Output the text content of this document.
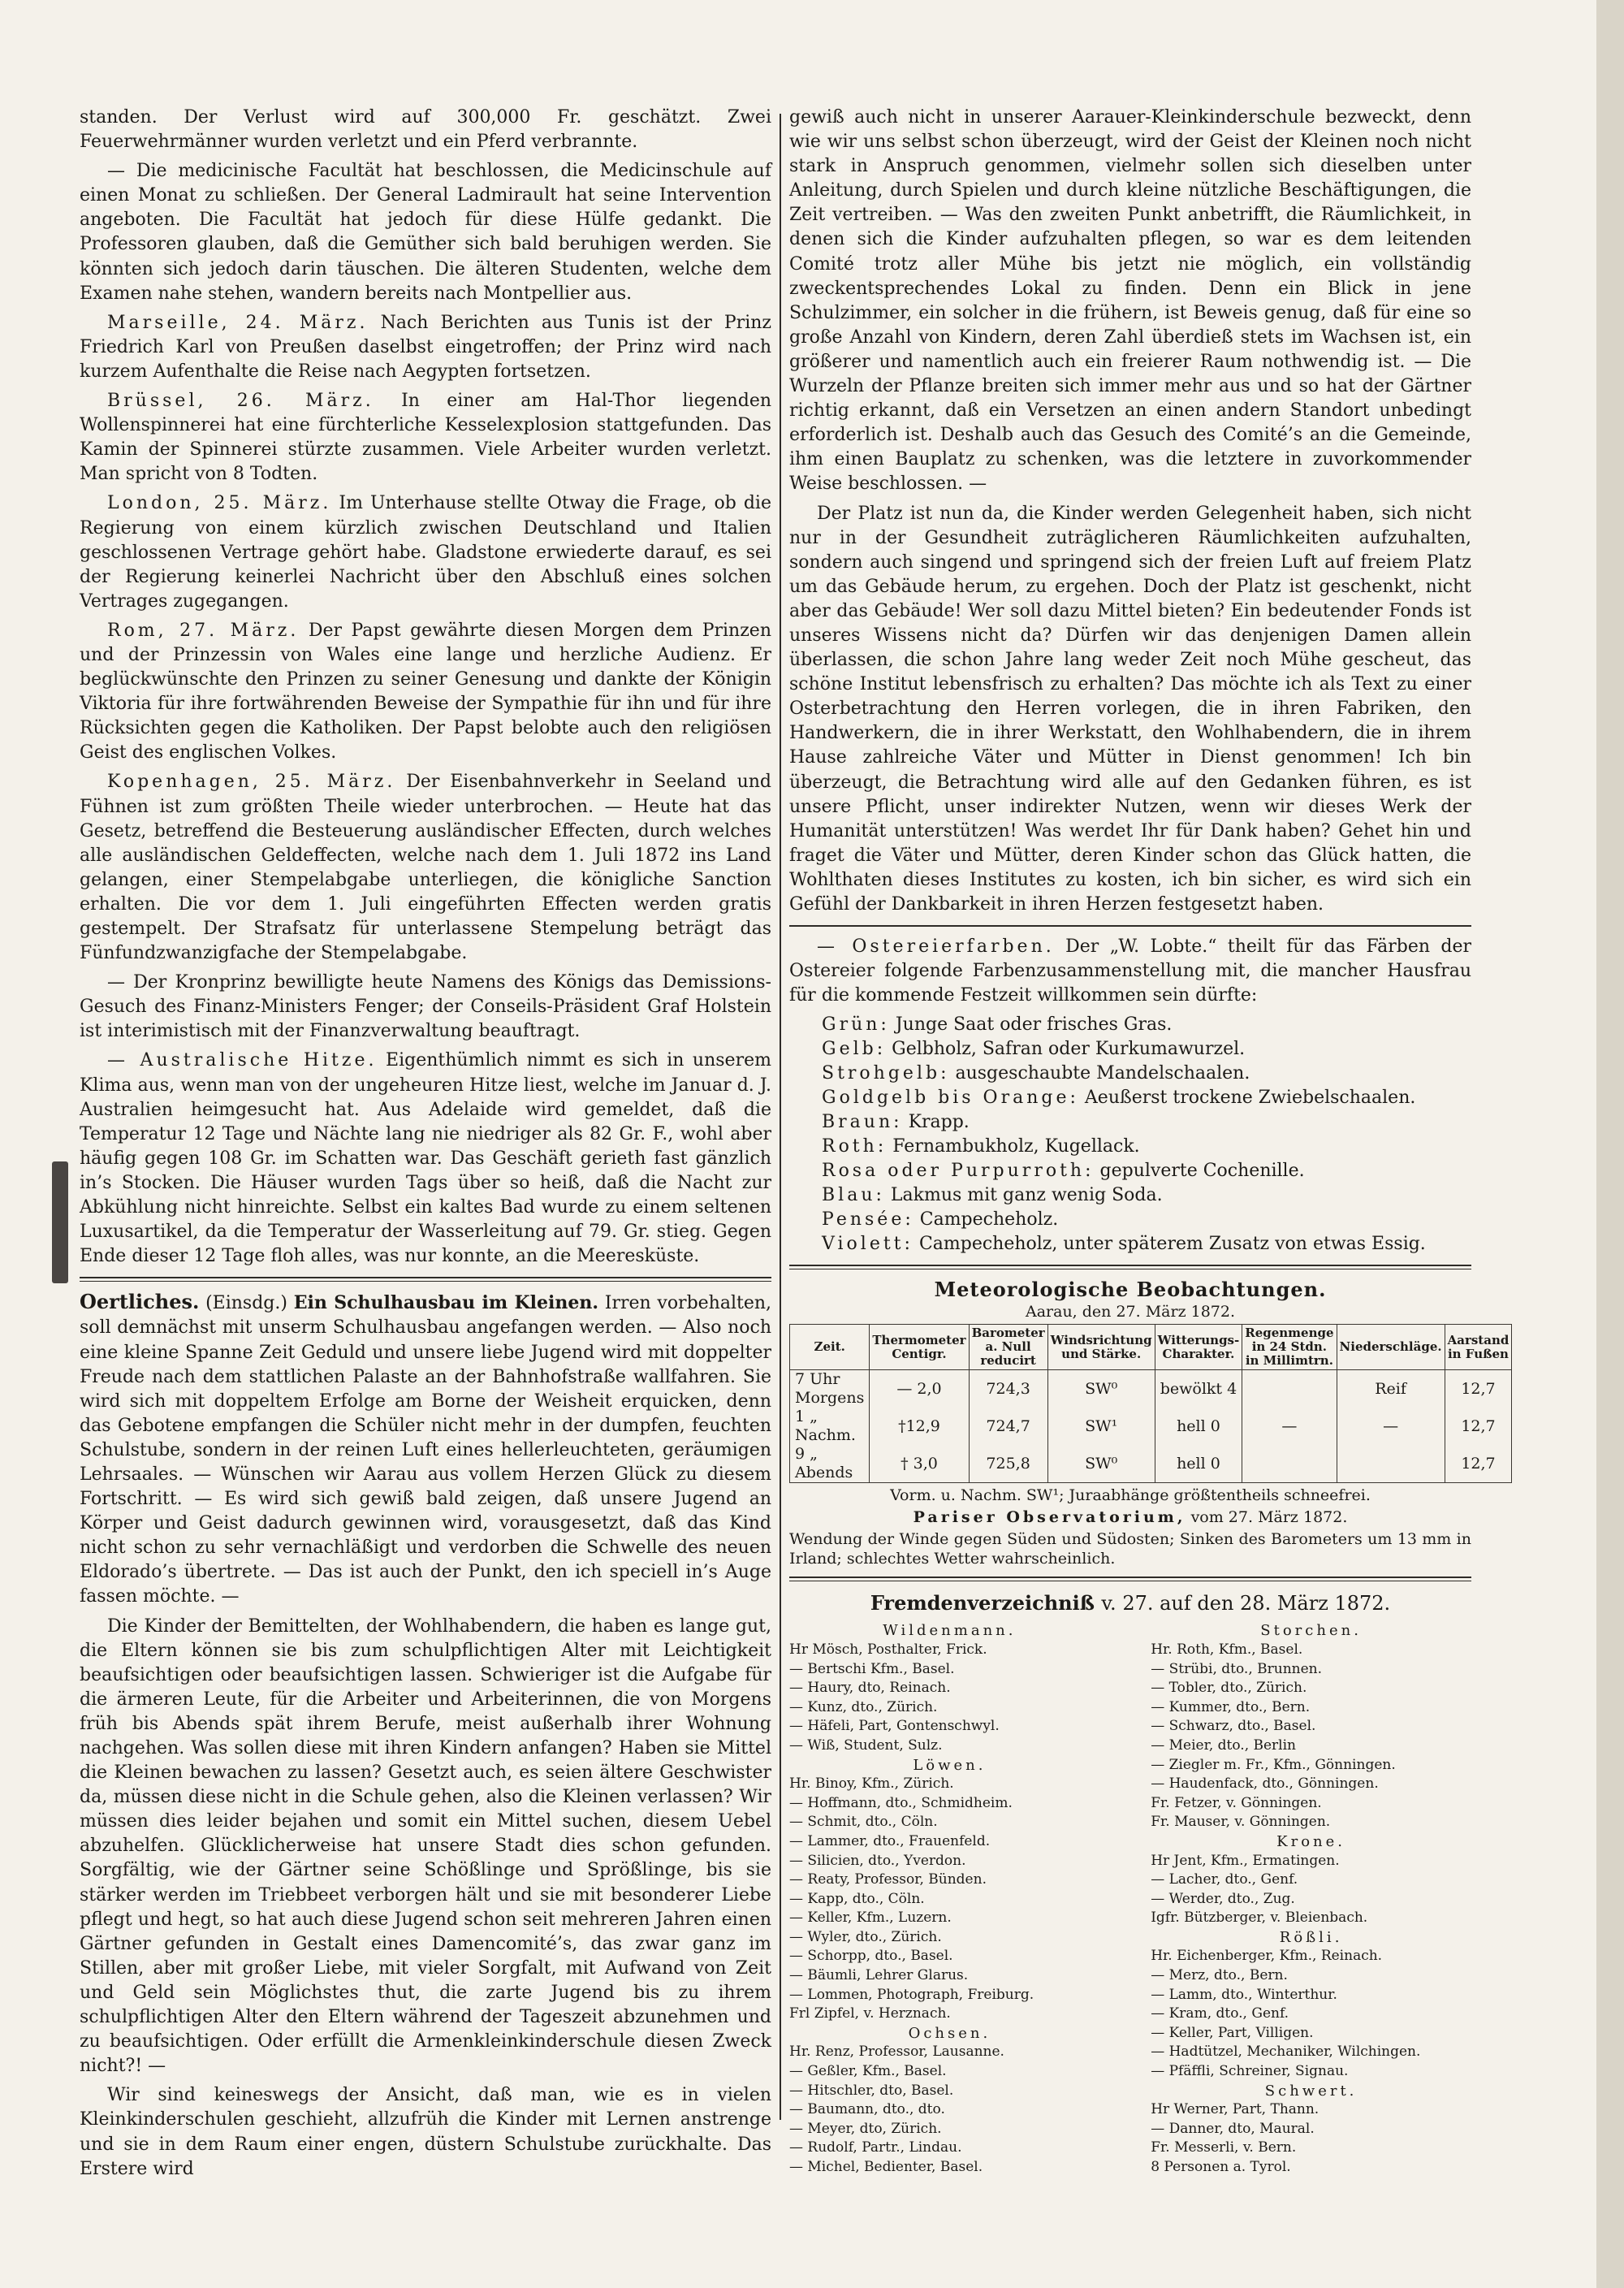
standen. Der Verlust wird auf 300,000 Fr. geschätzt. Zwei Feuerwehrmänner wurden verletzt und ein Pferd verbrannte.

— Die medicinische Facultät hat beschlossen, die Medicinschule auf einen Monat zu schließen. Der General Ladmirault hat seine Intervention angeboten. Die Facultät hat jedoch für diese Hülfe gedankt. Die Professoren glauben, daß die Gemüther sich bald beruhigen werden. Sie könnten sich jedoch darin täuschen. Die älteren Studenten, welche dem Examen nahe stehen, wandern bereits nach Montpellier aus.

Marseille, 24. März. Nach Berichten aus Tunis ist der Prinz Friedrich Karl von Preußen daselbst eingetroffen; der Prinz wird nach kurzem Aufenthalte die Reise nach Aegypten fortsetzen.

Brüssel, 26. März. In einer am Hal-Thor liegenden Wollenspinnerei hat eine fürchterliche Kesselexplosion stattgefunden. Das Kamin der Spinnerei stürzte zusammen. Viele Arbeiter wurden verletzt. Man spricht von 8 Todten.

London, 25. März. Im Unterhause stellte Otway die Frage, ob die Regierung von einem kürzlich zwischen Deutschland und Italien geschlossenen Vertrage gehört habe. Gladstone erwiederte darauf, es sei der Regierung keinerlei Nachricht über den Abschluß eines solchen Vertrages zugegangen.

Rom, 27. März. Der Papst gewährte diesen Morgen dem Prinzen und der Prinzessin von Wales eine lange und herzliche Audienz. Er beglückwünschte den Prinzen zu seiner Genesung und dankte der Königin Viktoria für ihre fortwährenden Beweise der Sympathie für ihn und für ihre Rücksichten gegen die Katholiken. Der Papst belobte auch den religiösen Geist des englischen Volkes.

Kopenhagen, 25. März. Der Eisenbahnverkehr in Seeland und Fühnen ist zum größten Theile wieder unterbrochen. — Heute hat das Gesetz, betreffend die Besteuerung ausländischer Effecten, durch welches alle ausländischen Geldeffecten, welche nach dem 1. Juli 1872 ins Land gelangen, einer Stempelabgabe unterliegen, die königliche Sanction erhalten. Die vor dem 1. Juli eingeführten Effecten werden gratis gestempelt. Der Strafsatz für unterlassene Stempelung beträgt das Fünfundzwanzigfache der Stempelabgabe.

— Der Kronprinz bewilligte heute Namens des Königs das Demissions-Gesuch des Finanz-Ministers Fenger; der Conseils-Präsident Graf Holstein ist interimistisch mit der Finanzverwaltung beauftragt.

— Australische Hitze. Eigenthümlich nimmt es sich in unserem Klima aus, wenn man von der ungeheuren Hitze liest, welche im Januar d. J. Australien heimgesucht hat. Aus Adelaide wird gemeldet, daß die Temperatur 12 Tage und Nächte lang nie niedriger als 82 Gr. F., wohl aber häufig gegen 108 Gr. im Schatten war. Das Geschäft gerieth fast gänzlich in’s Stocken. Die Häuser wurden Tags über so heiß, daß die Nacht zur Abkühlung nicht hinreichte. Selbst ein kaltes Bad wurde zu einem seltenen Luxusartikel, da die Temperatur der Wasserleitung auf 79. Gr. stieg. Gegen Ende dieser 12 Tage floh alles, was nur konnte, an die Meeresküste.

Oertliches. (Einsdg.) Ein Schulhausbau im Kleinen. Irren vorbehalten, soll demnächst mit unserm Schulhausbau angefangen werden. — Also noch eine kleine Spanne Zeit Geduld und unsere liebe Jugend wird mit doppelter Freude nach dem stattlichen Palaste an der Bahnhofstraße wallfahren. Sie wird sich mit doppeltem Erfolge am Borne der Weisheit erquicken, denn das Gebotene empfangen die Schüler nicht mehr in der dumpfen, feuchten Schulstube, sondern in der reinen Luft eines hellerleuchteten, geräumigen Lehrsaales. — Wünschen wir Aarau aus vollem Herzen Glück zu diesem Fortschritt. — Es wird sich gewiß bald zeigen, daß unsere Jugend an Körper und Geist dadurch gewinnen wird, vorausgesetzt, daß das Kind nicht schon zu sehr vernachläßigt und verdorben die Schwelle des neuen Eldorado’s übertrete. — Das ist auch der Punkt, den ich speciell in’s Auge fassen möchte. —

Die Kinder der Bemittelten, der Wohlhabendern, die haben es lange gut, die Eltern können sie bis zum schulpflichtigen Alter mit Leichtigkeit beaufsichtigen oder beaufsichtigen lassen. Schwieriger ist die Aufgabe für die ärmeren Leute, für die Arbeiter und Arbeiterinnen, die von Morgens früh bis Abends spät ihrem Berufe, meist außerhalb ihrer Wohnung nachgehen. Was sollen diese mit ihren Kindern anfangen? Haben sie Mittel die Kleinen bewachen zu lassen? Gesetzt auch, es seien ältere Geschwister da, müssen diese nicht in die Schule gehen, also die Kleinen verlassen? Wir müssen dies leider bejahen und somit ein Mittel suchen, diesem Uebel abzuhelfen. Glücklicherweise hat unsere Stadt dies schon gefunden. Sorgfältig, wie der Gärtner seine Schößlinge und Sprößlinge, bis sie stärker werden im Triebbeet verborgen hält und sie mit besonderer Liebe pflegt und hegt, so hat auch diese Jugend schon seit mehreren Jahren einen Gärtner gefunden in Gestalt eines Damencomité’s, das zwar ganz im Stillen, aber mit großer Liebe, mit vieler Sorgfalt, mit Aufwand von Zeit und Geld sein Möglichstes thut, die zarte Jugend bis zu ihrem schulpflichtigen Alter den Eltern während der Tageszeit abzunehmen und zu beaufsichtigen. Oder erfüllt die Armenkleinkinderschule diesen Zweck nicht?! —

Wir sind keineswegs der Ansicht, daß man, wie es in vielen Kleinkinderschulen geschieht, allzufrüh die Kinder mit Lernen anstrenge und sie in dem Raum einer engen, düstern Schulstube zurückhalte. Das Erstere wird

gewiß auch nicht in unserer Aarauer-Kleinkinderschule bezweckt, denn wie wir uns selbst schon überzeugt, wird der Geist der Kleinen noch nicht stark in Anspruch genommen, vielmehr sollen sich dieselben unter Anleitung, durch Spielen und durch kleine nützliche Beschäftigungen, die Zeit vertreiben. — Was den zweiten Punkt anbetrifft, die Räumlichkeit, in denen sich die Kinder aufzuhalten pflegen, so war es dem leitenden Comité trotz aller Mühe bis jetzt nie möglich, ein vollständig zweckentsprechendes Lokal zu finden. Denn ein Blick in jene Schulzimmer, ein solcher in die frühern, ist Beweis genug, daß für eine so große Anzahl von Kindern, deren Zahl überdieß stets im Wachsen ist, ein größerer und namentlich auch ein freierer Raum nothwendig ist. — Die Wurzeln der Pflanze breiten sich immer mehr aus und so hat der Gärtner richtig erkannt, daß ein Versetzen an einen andern Standort unbedingt erforderlich ist. Deshalb auch das Gesuch des Comité’s an die Gemeinde, ihm einen Bauplatz zu schenken, was die letztere in zuvorkommender Weise beschlossen. —

Der Platz ist nun da, die Kinder werden Gelegenheit haben, sich nicht nur in der Gesundheit zuträglicheren Räumlichkeiten aufzuhalten, sondern auch singend und springend sich der freien Luft auf freiem Platz um das Gebäude herum, zu ergehen. Doch der Platz ist geschenkt, nicht aber das Gebäude! Wer soll dazu Mittel bieten? Ein bedeutender Fonds ist unseres Wissens nicht da? Dürfen wir das denjenigen Damen allein überlassen, die schon Jahre lang weder Zeit noch Mühe gescheut, das schöne Institut lebensfrisch zu erhalten? Das möchte ich als Text zu einer Osterbetrachtung den Herren vorlegen, die in ihren Fabriken, den Handwerkern, die in ihrer Werkstatt, den Wohlhabendern, die in ihrem Hause zahlreiche Väter und Mütter in Dienst genommen! Ich bin überzeugt, die Betrachtung wird alle auf den Gedanken führen, es ist unsere Pflicht, unser indirekter Nutzen, wenn wir dieses Werk der Humanität unterstützen! Was werdet Ihr für Dank haben? Gehet hin und fraget die Väter und Mütter, deren Kinder schon das Glück hatten, die Wohlthaten dieses Institutes zu kosten, ich bin sicher, es wird sich ein Gefühl der Dankbarkeit in ihren Herzen festgesetzt haben.

— Ostereierfarben. Der „W. Lobte.“ theilt für das Färben der Ostereier folgende Farbenzusammenstellung mit, die mancher Hausfrau für die kommende Festzeit willkommen sein dürfte:

Grün: Junge Saat oder frisches Gras.

Gelb: Gelbholz, Safran oder Kurkumawurzel.

Strohgelb: ausgeschaubte Mandelschaalen.

Goldgelb bis Orange: Aeußerst trockene Zwiebelschaalen.

Braun: Krapp.

Roth: Fernambukholz, Kugellack.

Rosa oder Purpurroth: gepulverte Cochenille.

Blau: Lakmus mit ganz wenig Soda.

Pensée: Campecheholz.

Violett: Campecheholz, unter späterem Zusatz von etwas Essig.

Meteorologische Beobachtungen.
Aarau, den 27. März 1872.
Zeit.	Thermometer Centigr.	Barometer a. Null reducirt	Windsrichtung und Stärke.	Witterungs-Charakter.	Regenmenge in 24 Stdn. in Millimtrn.	Niederschläge.	Aarstand in Fußen
7 Uhr Morgens	— 2,0	724,3	SW⁰	bewölkt 4		Reif	12,7
1 „ Nachm.	†12,9	724,7	SW¹	hell 0	—	—	12,7
9 „ Abends	† 3,0	725,8	SW⁰	hell 0			12,7
Vorm. u. Nachm. SW¹; Juraabhänge größtentheils schneefrei.
Pariser Observatorium, vom 27. März 1872.
Wendung der Winde gegen Süden und Südosten; Sinken des Barometers um 13 mm in Irland; schlechtes Wetter wahrscheinlich.
Fremdenverzeichniß v. 27. auf den 28. März 1872.
Wildenmann.
Hr Mösch, Posthalter, Frick.
— Bertschi Kfm., Basel.
— Haury, dto, Reinach.
— Kunz, dto., Zürich.
— Häfeli, Part, Gontenschwyl.
— Wiß, Student, Sulz.
Löwen.
Hr. Binoy, Kfm., Zürich.
— Hoffmann, dto., Schmidheim.
— Schmit, dto., Cöln.
— Lammer, dto., Frauenfeld.
— Silicien, dto., Yverdon.
— Reaty, Professor, Bünden.
— Kapp, dto., Cöln.
— Keller, Kfm., Luzern.
— Wyler, dto., Zürich.
— Schorpp, dto., Basel.
— Bäumli, Lehrer Glarus.
— Lommen, Photograph, Freiburg.
Frl Zipfel, v. Herznach.
Ochsen.
Hr. Renz, Professor, Lausanne.
— Geßler, Kfm., Basel.
— Hitschler, dto, Basel.
— Baumann, dto., dto.
— Meyer, dto, Zürich.
— Rudolf, Partr., Lindau.
— Michel, Bedienter, Basel.
Storchen.
Hr. Roth, Kfm., Basel.
— Strübi, dto., Brunnen.
— Tobler, dto., Zürich.
— Kummer, dto., Bern.
— Schwarz, dto., Basel.
— Meier, dto., Berlin
— Ziegler m. Fr., Kfm., Gönningen.
— Haudenfack, dto., Gönningen.
Fr. Fetzer, v. Gönningen.
Fr. Mauser, v. Gönningen.
Krone.
Hr Jent, Kfm., Ermatingen.
— Lacher, dto., Genf.
— Werder, dto., Zug.
Igfr. Bützberger, v. Bleienbach.
Rößli.
Hr. Eichenberger, Kfm., Reinach.
— Merz, dto., Bern.
— Lamm, dto., Winterthur.
— Kram, dto., Genf.
— Keller, Part, Villigen.
— Hadtützel, Mechaniker, Wilchingen.
— Pfäffli, Schreiner, Signau.
Schwert.
Hr Werner, Part, Thann.
— Danner, dto, Maural.
Fr. Messerli, v. Bern.
8 Personen a. Tyrol.
